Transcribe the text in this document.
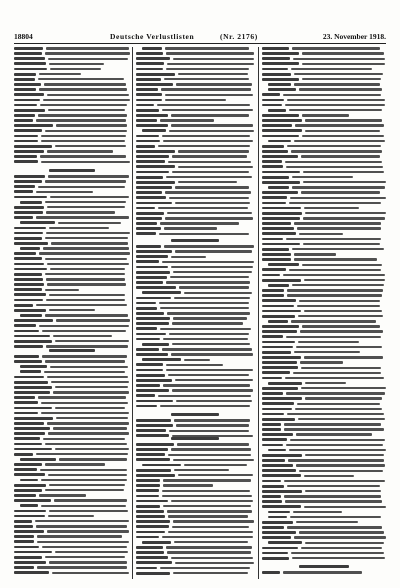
18804	Deutsche Verlustlisten	(Nr. 2176)	23. November 1918.
